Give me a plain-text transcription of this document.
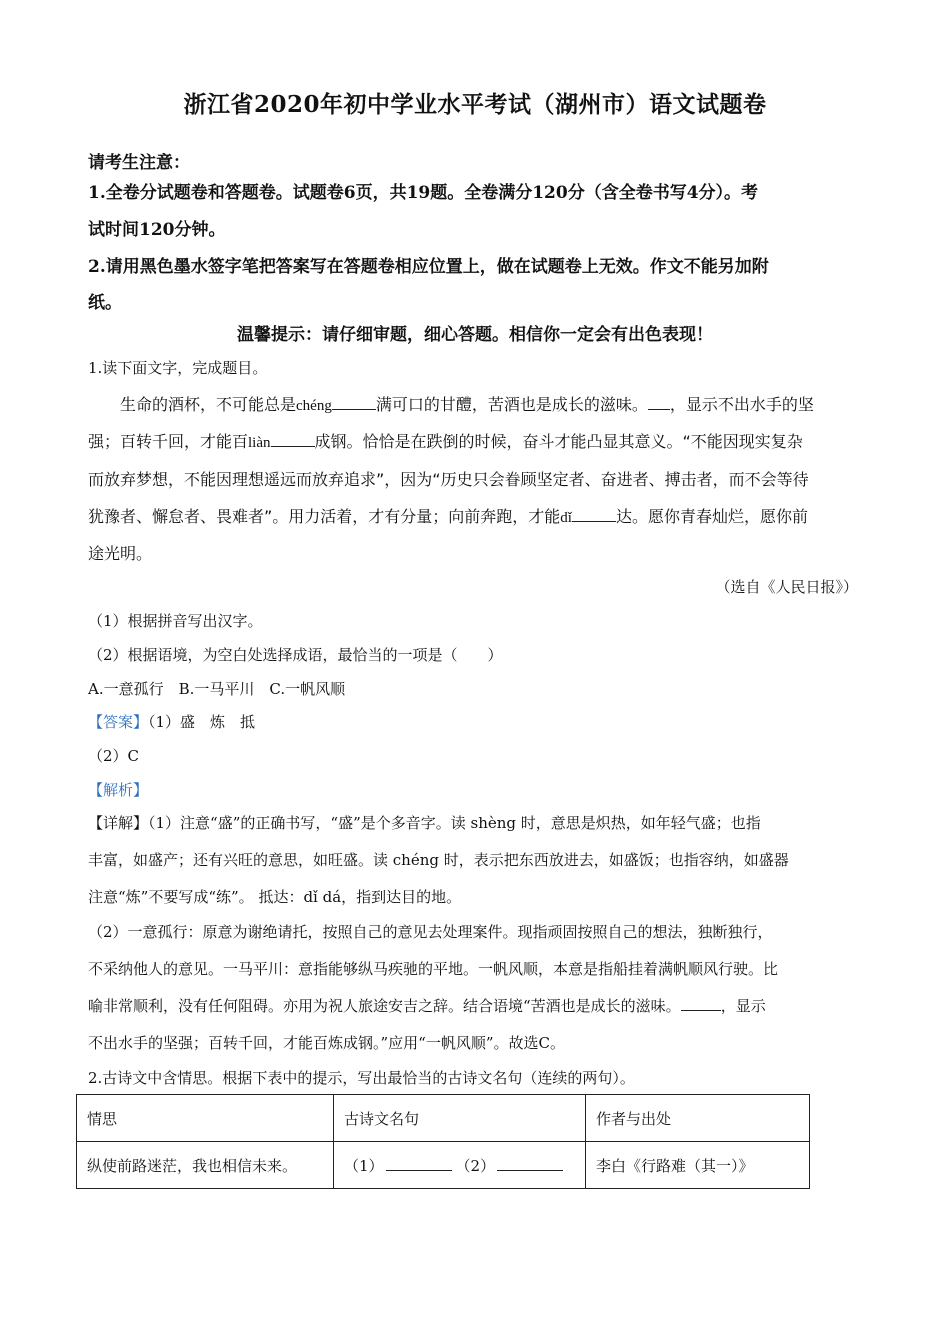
浙江省2020年初中学业水平考试（湖州市）语文试题卷
请考生注意：
1.全卷分试题卷和答题卷。试题卷6页，共19题。全卷满分120分（含全卷书写4分）。考
试时间120分钟。
2.请用黑色墨水签字笔把答案写在答题卷相应位置上，做在试题卷上无效。作文不能另加附
纸。
温馨提示：请仔细审题，细心答题。相信你一定会有出色表现！
1.读下面文字，完成题目。
生命的酒杯，不可能总是chéng	满可口的甘醴，苦酒也是成长的滋味。 ，显示不出水手的坚
强；百转千回，才能百liàn	成钢。恰恰是在跌倒的时候，奋斗才能凸显其意义。“不能因现实复杂
而放弃梦想，不能因理想遥远而放弃追求”，因为“历史只会眷顾坚定者、奋进者、搏击者，而不会等待
犹豫者、懈怠者、畏难者”。用力活着，才有分量；向前奔跑，才能dǐ	达。愿你青春灿烂，愿你前
途光明。
（选自《人民日报》）
（1）根据拼音写出汉字。
（2）根据语境，为空白处选择成语，最恰当的一项是（　　）
A.一意孤行　B.一马平川　C.一帆风顺
【答案】（1）盛　炼　抵
（2）C
【解析】
【详解】（1）注意“盛”的正确书写，“盛”是个多音字。读 shèng 时，意思是炽热，如年轻气盛；也指
丰富，如盛产；还有兴旺的意思，如旺盛。读 chéng 时，表示把东西放进去，如盛饭；也指容纳，如盛器
注意“炼”不要写成“练”。 抵达：dǐ dá，指到达目的地。
（2）一意孤行：原意为谢绝请托，按照自己的意见去处理案件。现指顽固按照自己的想法，独断独行，
不采纳他人的意见。一马平川：意指能够纵马疾驰的平地。一帆风顺，本意是指船挂着满帆顺风行驶。比
喻非常顺利，没有任何阻碍。亦用为祝人旅途安吉之辞。结合语境“苦酒也是成长的滋味。	，显示
不出水手的坚强；百转千回，才能百炼成钢。”应用“一帆风顺”。故选C。
2.古诗文中含情思。根据下表中的提示，写出最恰当的古诗文名句（连续的两句）。
情思	古诗文名句	作者与出处
纵使前路迷茫，我也相信未来。	（1） （2）	李白《行路难（其一）》
